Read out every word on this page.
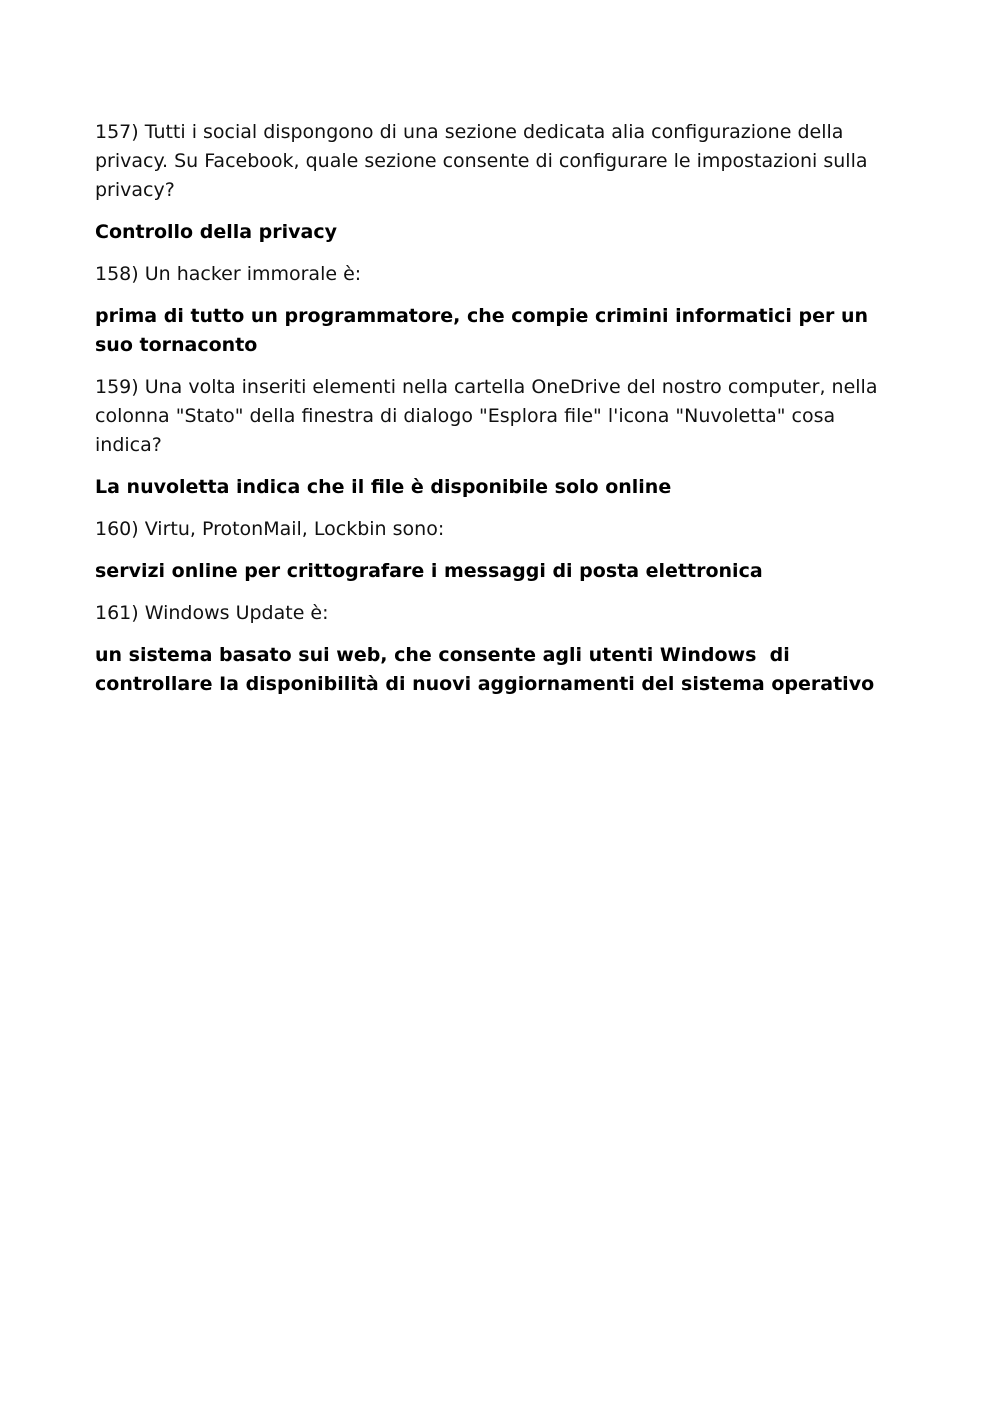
157) Tutti i social dispongono di una sezione dedicata alia configurazione della privacy. Su Facebook, quale sezione consente di configurare le impostazioni sulla privacy?

Controllo della privacy

158) Un hacker immorale è:

prima di tutto un programmatore, che compie crimini informatici per un suo tornaconto

159) Una volta inseriti elementi nella cartella OneDrive del nostro computer, nella colonna "Stato" della finestra di dialogo "Esplora file" l'icona "Nuvoletta" cosa indica?

La nuvoletta indica che il file è disponibile solo online

160) Virtu, ProtonMail, Lockbin sono:

servizi online per crittografare i messaggi di posta elettronica

161) Windows Update è:

un sistema basato sui web, che consente agli utenti Windows  di controllare Ia disponibilità di nuovi aggiornamenti del sistema operativo
